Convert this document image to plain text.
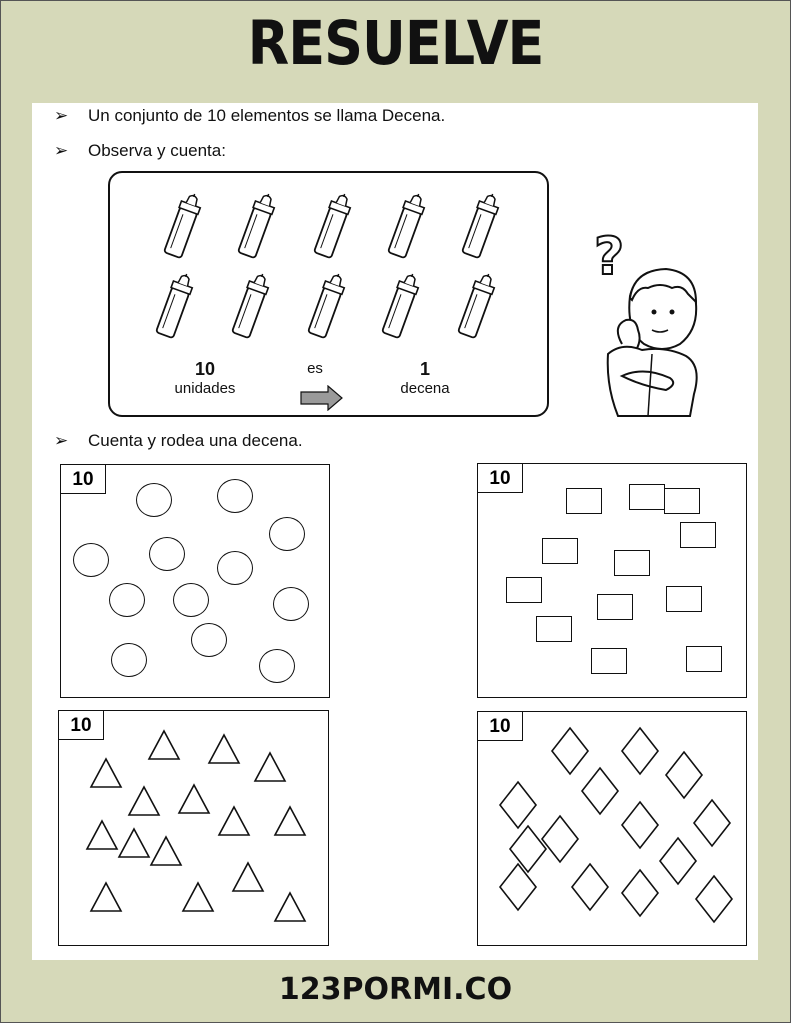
RESUELVE
➢ Un conjunto de 10 elementos se llama Decena.
➢ Observa y cuenta:
10
unidades
es	1
decena
?
➢ Cuenta y rodea una decena.
10	10
10	10
123PORMI.CO
